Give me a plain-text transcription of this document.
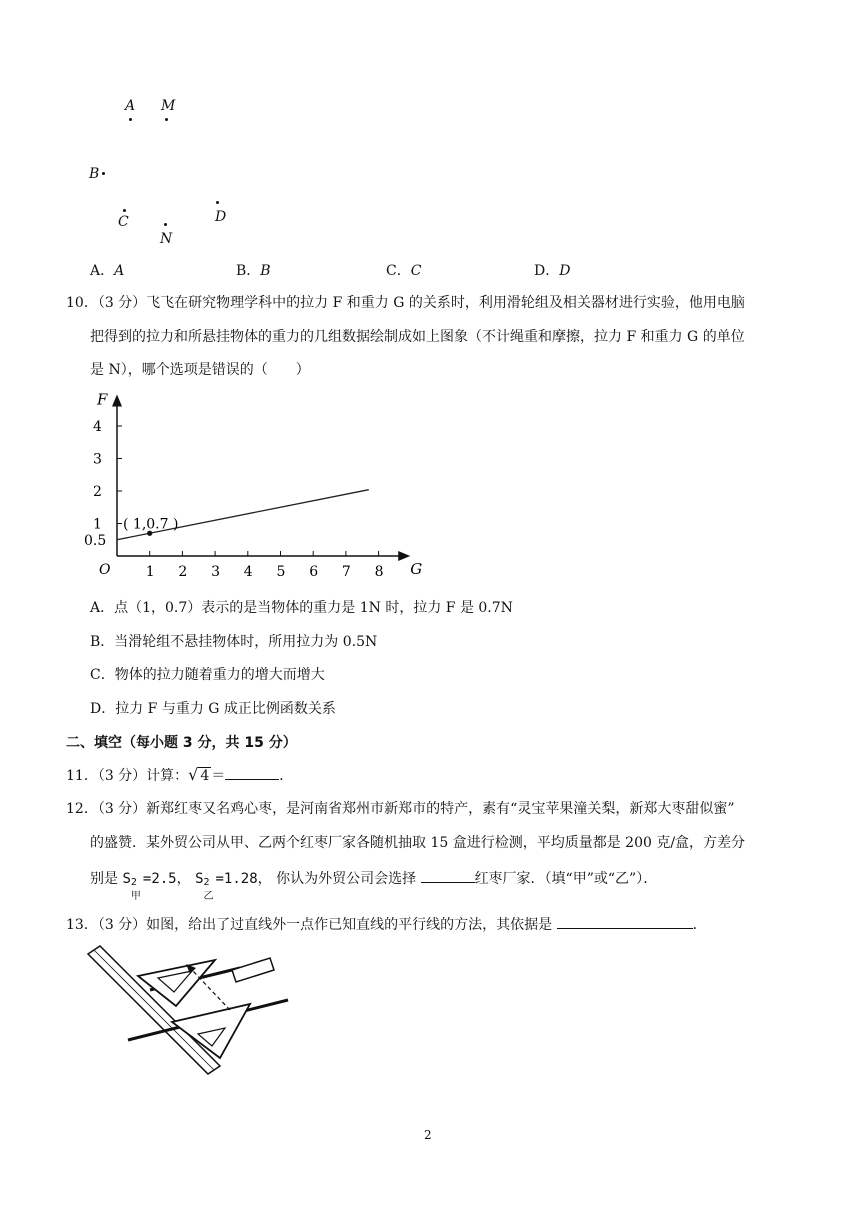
A M
B
C
N
D
A．A	B．B	C．C	D．D
10．（3 分）飞飞在研究物理学科中的拉力 F 和重力 G 的关系时，利用滑轮组及相关器材进行实验，他用电脑
把得到的拉力和所悬挂物体的重力的几组数据绘制成如上图象（不计绳重和摩擦，拉力 F 和重力 G 的单位
是 N），哪个选项是错误的（　　）
G
F
O	1 2 3 4 5 6 7 8
1
2
3
4
0.5
( 1,0.7 )
A．点（1，0.7）表示的是当物体的重力是 1N 时，拉力 F 是 0.7N
B．当滑轮组不悬挂物体时，所用拉力为 0.5N
C．物体的拉力随着重力的增大而增大
D．拉力 F 与重力 G 成正比例函数关系
二、填空（每小题 3 分，共 15 分）
11．（3 分）计算：√ 4 ＝	．
12．（3 分）新郑红枣又名鸡心枣，是河南省郑州市新郑市的特产，素有“灵宝苹果潼关梨，新郑大枣甜似蜜”
的盛赞．某外贸公司从甲、乙两个红枣厂家各随机抽取 15 盒进行检测，平均质量都是 200 克/盒，方差分
别是 S 2
甲
=2.5， S 2
乙
=1.28， 你认为外贸公司会选择	红枣厂家．（填“甲”或“乙”）．
13．（3 分）如图，给出了过直线外一点作已知直线的平行线的方法，其依据是	．
2
